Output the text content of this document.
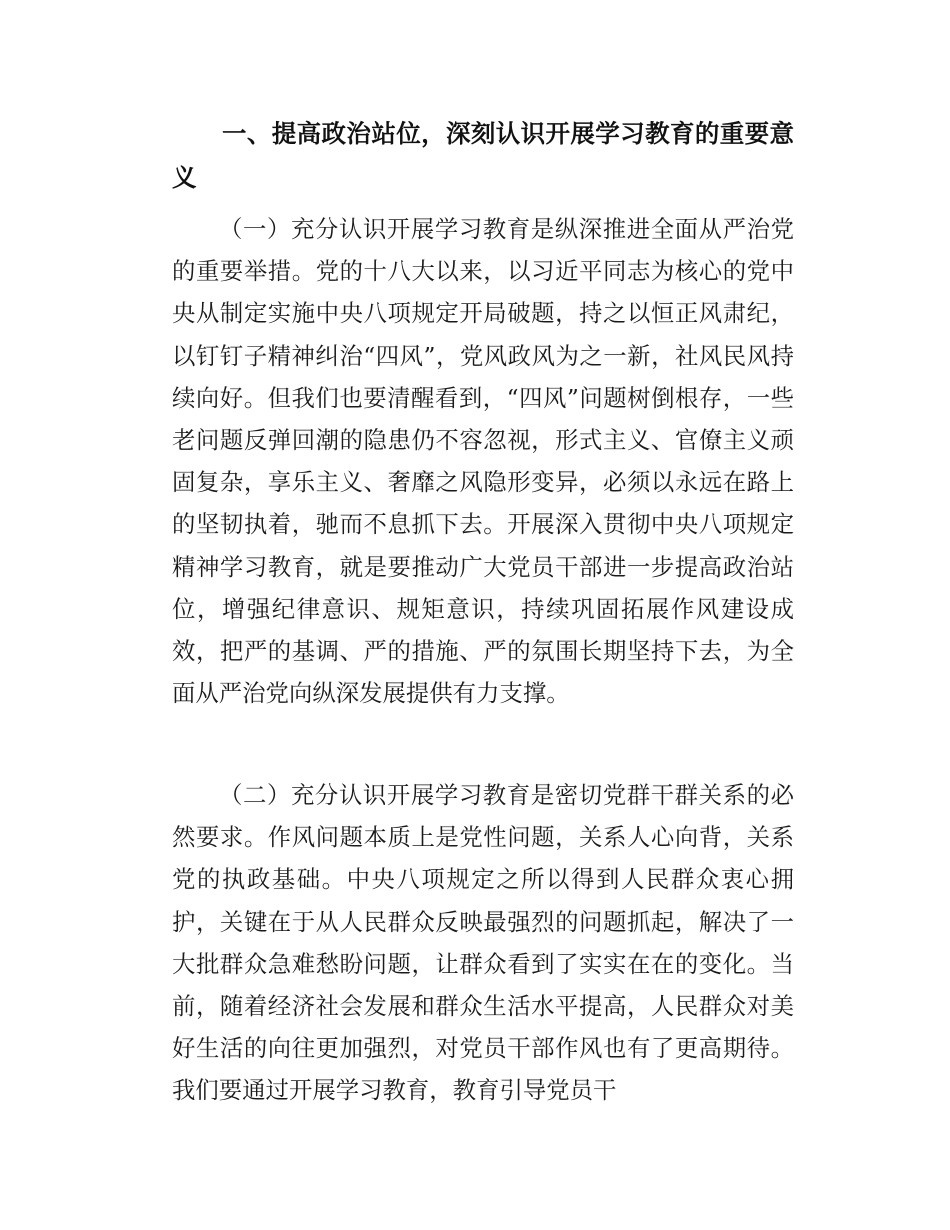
一、提高政治站位，深刻认识开展学习教育的重要意义

（一）充分认识开展学习教育是纵深推进全面从严治党的重要举措。党的十八大以来，以习近平同志为核心的党中央从制定实施中央八项规定开局破题，持之以恒正风肃纪，以钉钉子精神纠治“四风”，党风政风为之一新，社风民风持续向好。但我们也要清醒看到，“四风”问题树倒根存，一些老问题反弹回潮的隐患仍不容忽视，形式主义、官僚主义顽固复杂，享乐主义、奢靡之风隐形变异，必须以永远在路上的坚韧执着，驰而不息抓下去。开展深入贯彻中央八项规定精神学习教育，就是要推动广大党员干部进一步提高政治站位，增强纪律意识、规矩意识，持续巩固拓展作风建设成效，把严的基调、严的措施、严的氛围长期坚持下去，为全面从严治党向纵深发展提供有力支撑。

（二）充分认识开展学习教育是密切党群干群关系的必然要求。作风问题本质上是党性问题，关系人心向背，关系党的执政基础。中央八项规定之所以得到人民群众衷心拥护，关键在于从人民群众反映最强烈的问题抓起，解决了一大批群众急难愁盼问题，让群众看到了实实在在的变化。当前，随着经济社会发展和群众生活水平提高，人民群众对美好生活的向往更加强烈，对党员干部作风也有了更高期待。我们要通过开展学习教育，教育引导党员干
